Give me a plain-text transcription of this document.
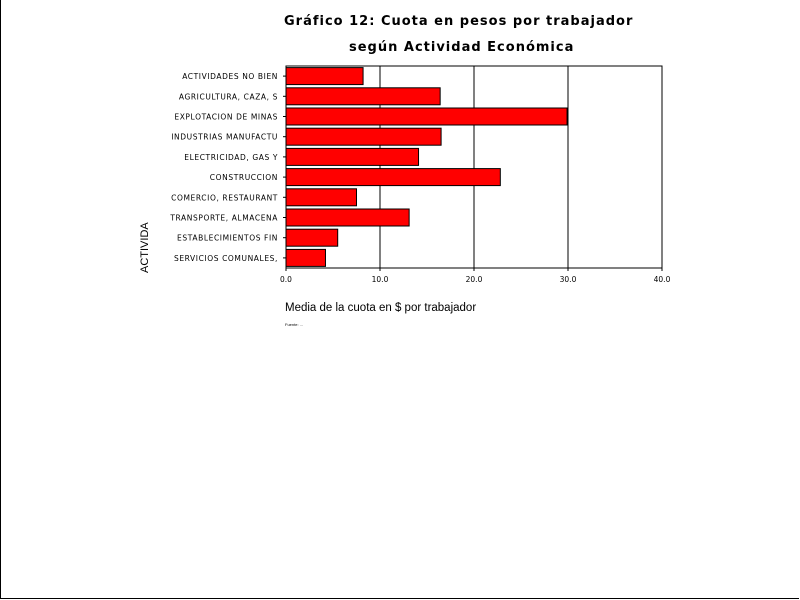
Gráfico 12: Cuota en pesos por trabajador
según Actividad Económica
ACTIVIDADES NO BIEN
AGRICULTURA, CAZA, S
EXPLOTACION DE MINAS
INDUSTRIAS MANUFACTU
ELECTRICIDAD, GAS Y
CONSTRUCCION
COMERCIO, RESTAURANT
TRANSPORTE, ALMACENA
ESTABLECIMIENTOS FIN
SERVICIOS COMUNALES,
0.0	10.0	20.0	30.0	40.0
Media de la cuota en $ por trabajador
ACTIVIDA
Fuente: ...
